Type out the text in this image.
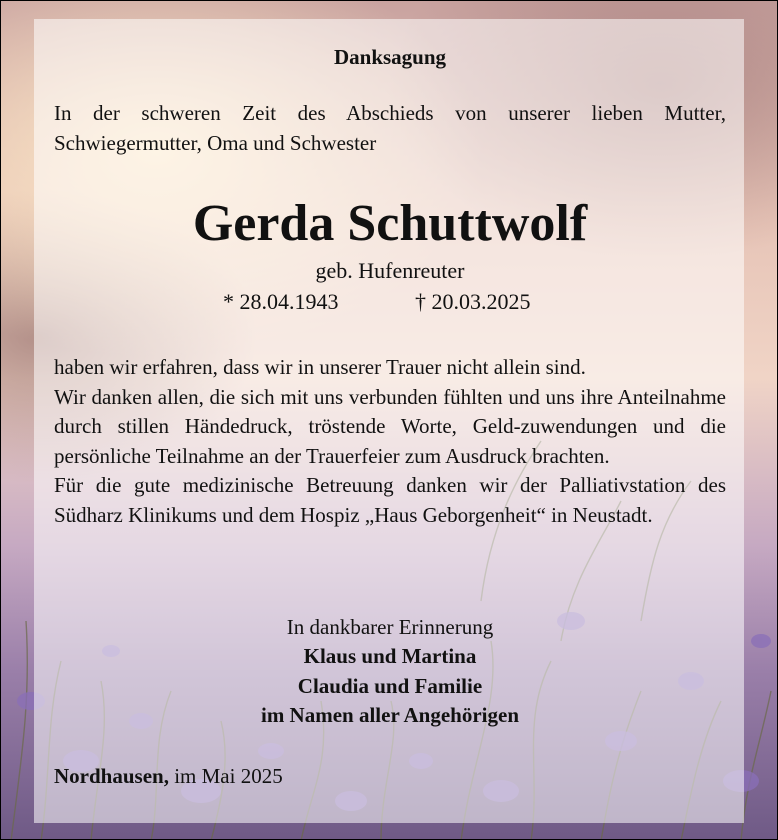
Danksagung
In der schweren Zeit des Abschieds von unserer lieben Mutter, Schwiegermutter, Oma und Schwester
Gerda Schuttwolf
geb. Hufenreuter
* 28.04.1943	† 20.03.2025
haben wir erfahren, dass wir in unserer Trauer nicht allein sind.
Wir danken allen, die sich mit uns verbunden fühlten und uns ihre Anteilnahme durch stillen Händedruck, tröstende Worte, Geld-zuwendungen und die persönliche Teilnahme an der Trauerfeier zum Ausdruck brachten.
Für die gute medizinische Betreuung danken wir der Palliativstation des Südharz Klinikums und dem Hospiz „Haus Geborgenheit“ in Neustadt.
In dankbarer Erinnerung
Klaus und Martina
Claudia und Familie
im Namen aller Angehörigen
Nordhausen, im Mai 2025
